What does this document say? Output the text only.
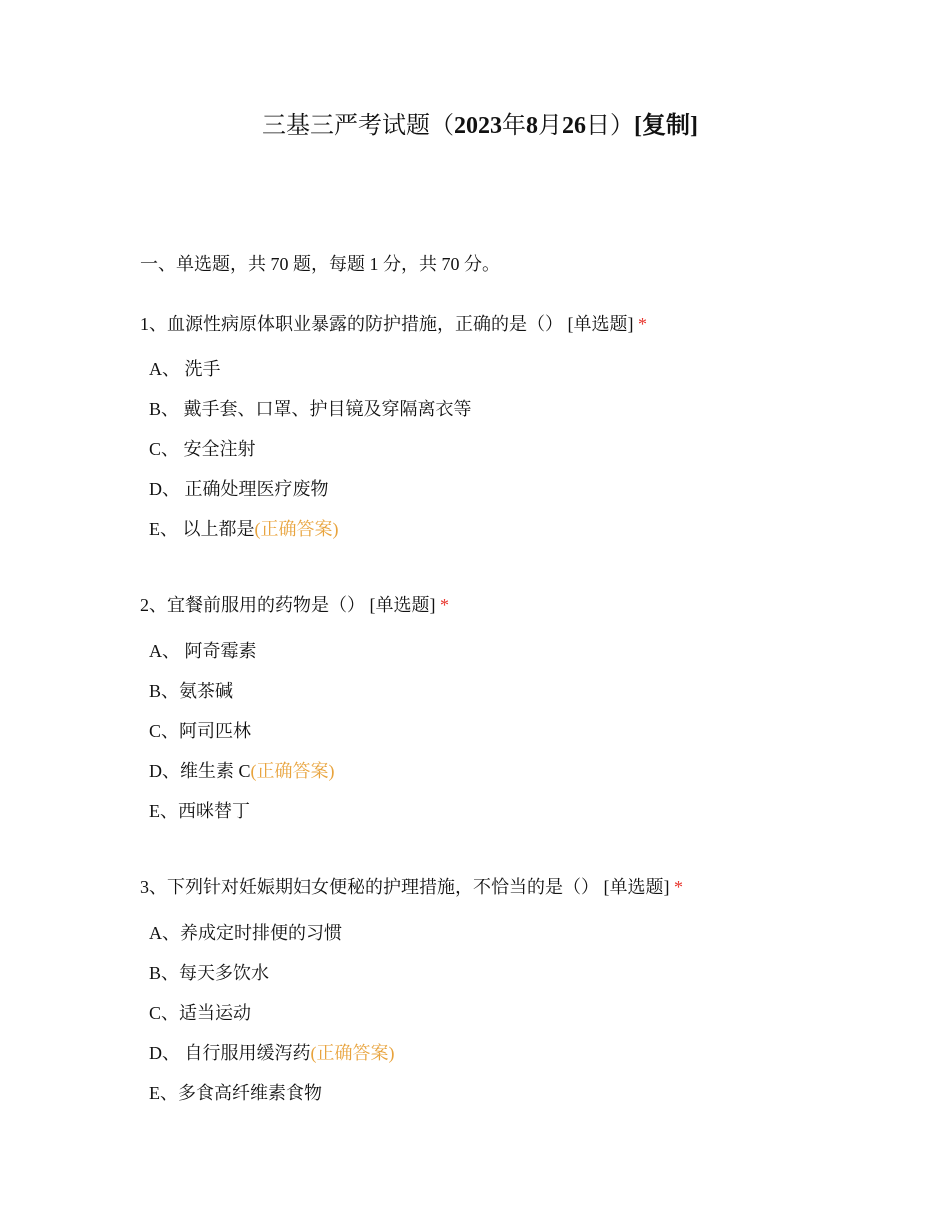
三基三严考试题（2023年8月26日）[复制]
一、单选题，共 70 题，每题 1 分，共 70 分。
1、血源性病原体职业暴露的防护措施，正确的是（） [单选题] *
A、 洗手
B、 戴手套、口罩、护目镜及穿隔离衣等
C、 安全注射
D、 正确处理医疗废物
E、 以上都是(正确答案)
2、宜餐前服用的药物是（） [单选题] *
A、 阿奇霉素
B、氨茶碱
C、阿司匹林
D、维生素 C(正确答案)
E、西咪替丁
3、下列针对妊娠期妇女便秘的护理措施，不恰当的是（） [单选题] *
A、养成定时排便的习惯
B、每天多饮水
C、适当运动
D、 自行服用缓泻药(正确答案)
E、多食高纤维素食物
